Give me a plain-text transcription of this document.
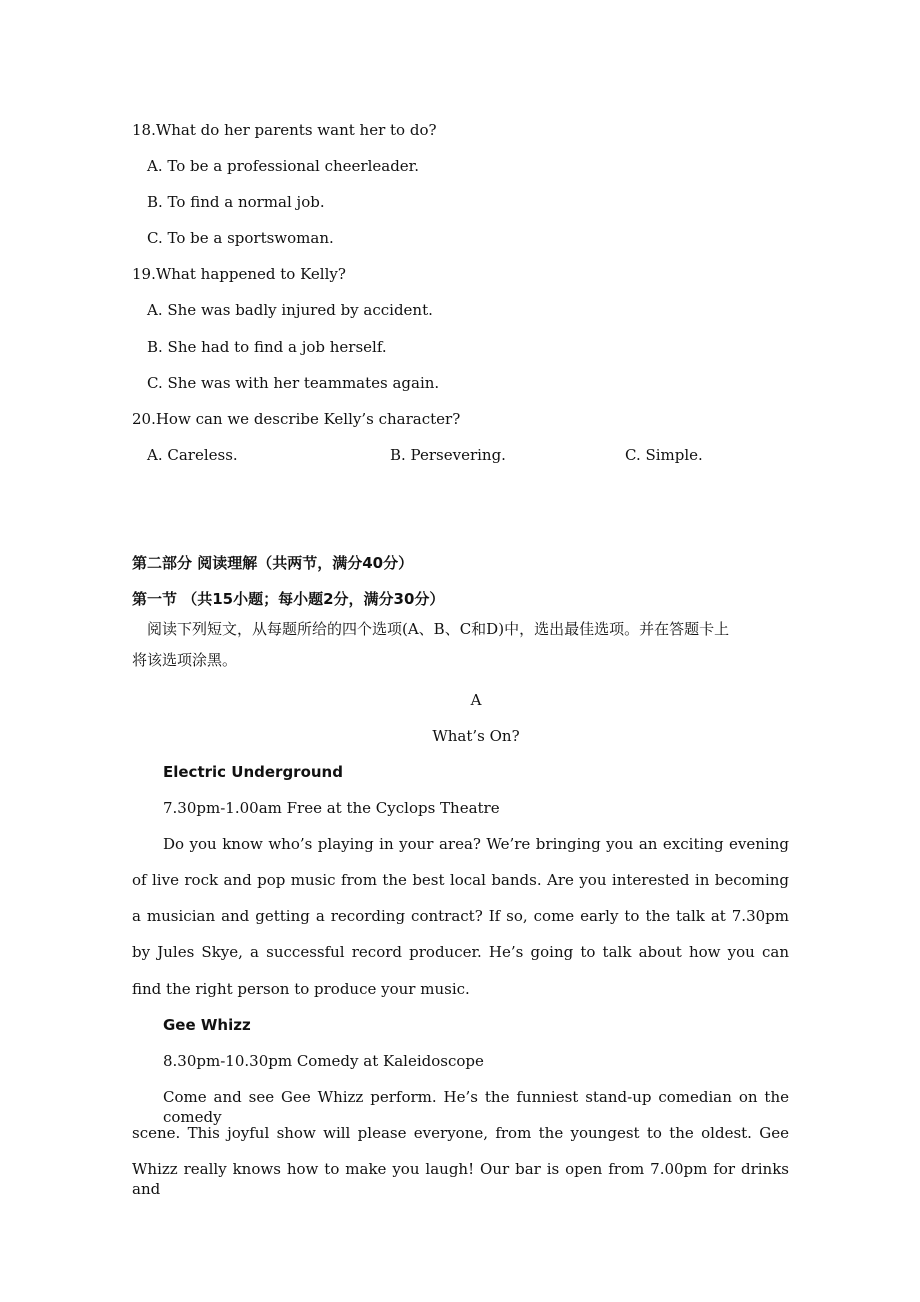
18.What do her parents want her to do?
A. To be a professional cheerleader.
B. To find a normal job.
C. To be a sportswoman.
19.What happened to Kelly?
A. She was badly injured by accident.
B. She had to find a job herself.
C. She was with her teammates again.
20.How can we describe Kelly’s character?
A. Careless.	B. Persevering.	C. Simple.
第二部分 阅读理解（共两节，满分40分）
第一节 （共15小题；每小题2分，满分30分）
阅读下列短文，从每题所给的四个选项(A、B、C和D)中，选出最佳选项。并在答题卡上
将该选项涂黑。
A
What’s On?
Electric Underground
7.30pm-1.00am Free at the Cyclops Theatre
Do you know who’s playing in your area? We’re bringing you an exciting evening
of live rock and pop music from the best local bands. Are you interested in becoming
a musician and getting a recording contract? If so, come early to the talk at 7.30pm
by Jules Skye, a successful record producer. He’s going to talk about how you can
find the right person to produce your music.
Gee Whizz
8.30pm-10.30pm Comedy at Kaleidoscope
Come and see Gee Whizz perform. He’s the funniest stand-up comedian on the comedy
scene. This joyful show will please everyone, from the youngest to the oldest. Gee
Whizz really knows how to make you laugh! Our bar is open from 7.00pm for drinks and
